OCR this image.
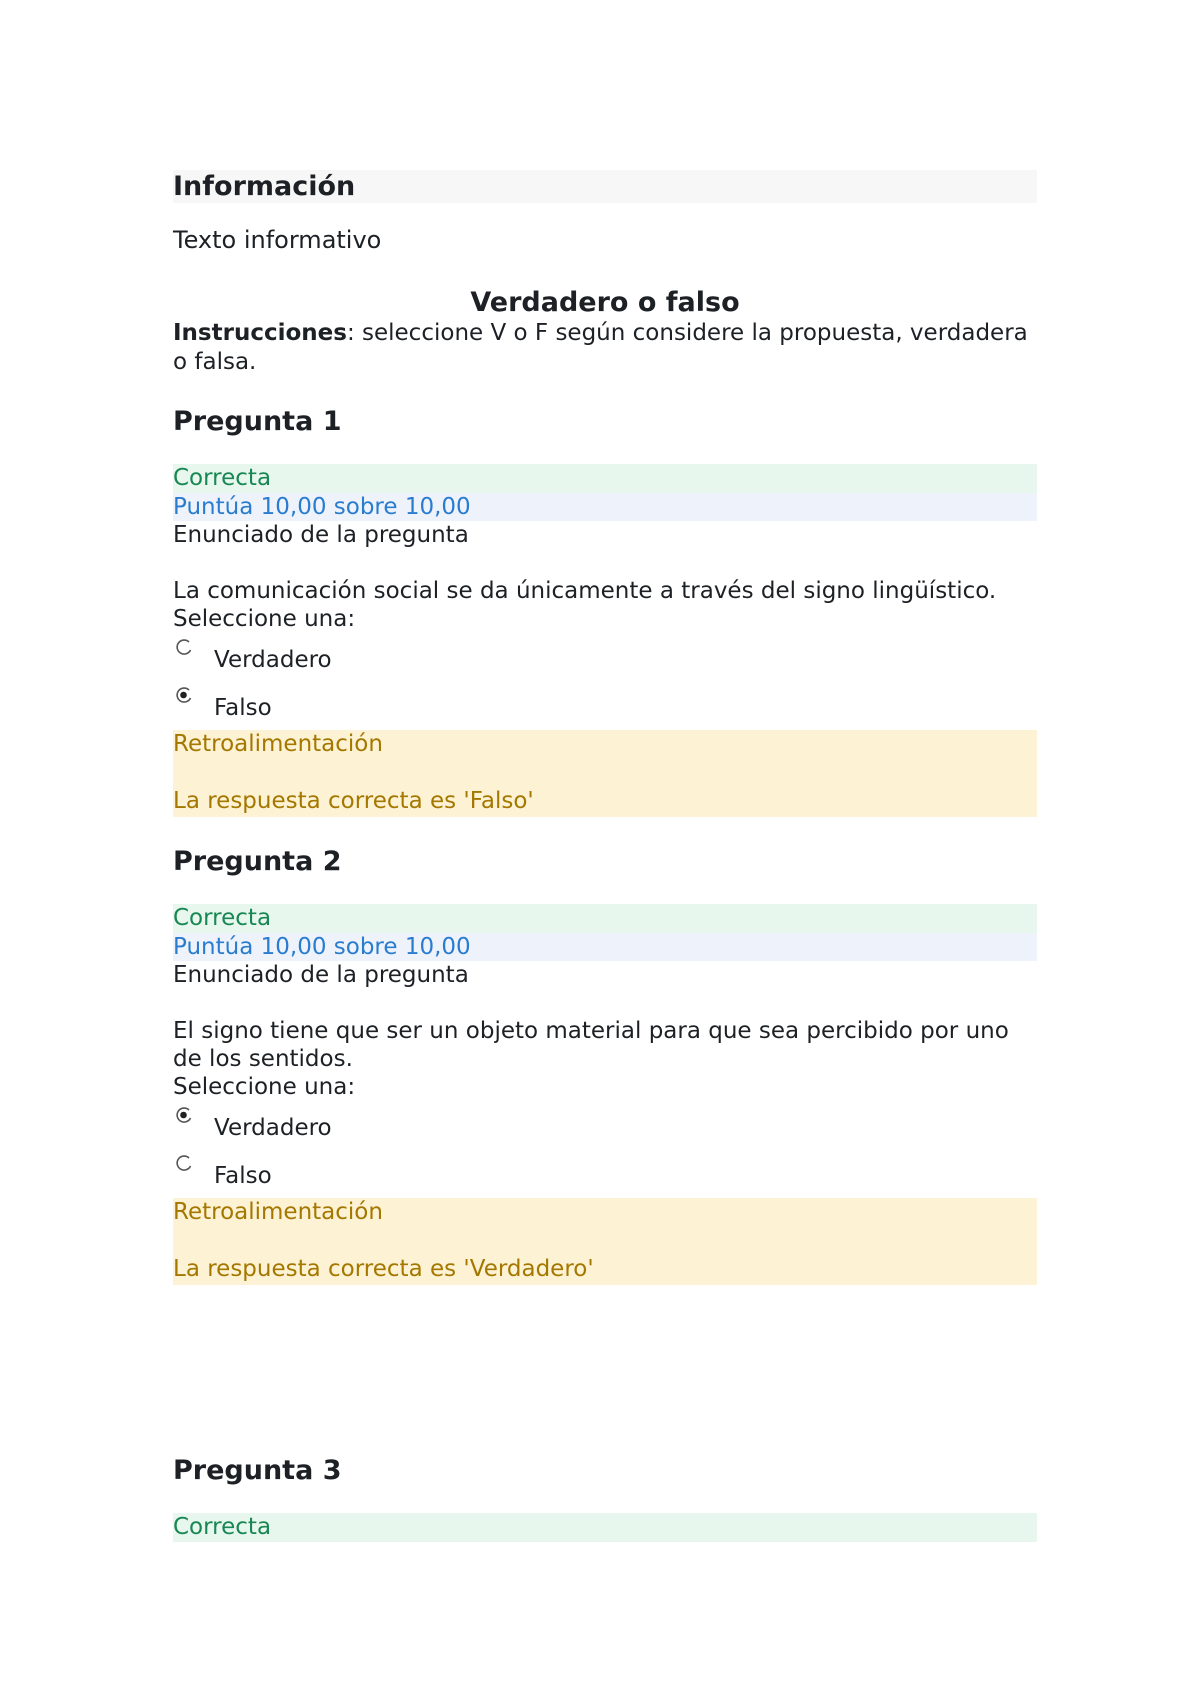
Información
Texto informativo
Verdadero o falso
Instrucciones: seleccione V o F según considere la propuesta, verdadera o falsa.
Pregunta 1
Correcta
Puntúa 10,00 sobre 10,00
Enunciado de la pregunta
La comunicación social se da únicamente a través del signo lingüístico.
Seleccione una:
Verdadero
Falso
Retroalimentación
La respuesta correcta es 'Falso'
Pregunta 2
Correcta
Puntúa 10,00 sobre 10,00
Enunciado de la pregunta
El signo tiene que ser un objeto material para que sea percibido por uno de los sentidos.
Seleccione una:
Verdadero
Falso
Retroalimentación
La respuesta correcta es 'Verdadero'
Pregunta 3
Correcta
